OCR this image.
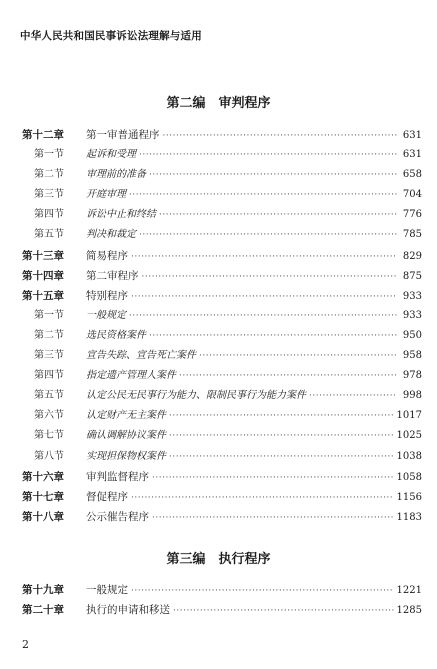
中华人民共和国民事诉讼法理解与适用
第二编　审判程序
第十二章 第一审普通程序 ·····	631
第一节 起诉和受理 ·····	631
第二节 审理前的准备 ·····	658
第三节 开庭审理 ·····	704
第四节 诉讼中止和终结 ·····	776
第五节 判决和裁定 ·····	785
第十三章 简易程序 ·····	829
第十四章 第二审程序 ·····	875
第十五章 特别程序 ·····	933
第一节 一般规定 ·····	933
第二节 选民资格案件 ·····	950
第三节 宣告失踪、宣告死亡案件 ·····	958
第四节 指定遗产管理人案件 ·····	978
第五节 认定公民无民事行为能力、限制民事行为能力案件 ·····	998
第六节 认定财产无主案件 ·····	1017
第七节 确认调解协议案件 ·····	1025
第八节 实现担保物权案件 ·····	1038
第十六章 审判监督程序 ·····	1058
第十七章 督促程序 ·····	1156
第十八章 公示催告程序 ·····	1183
第三编　执行程序
第十九章 一般规定 ·····	1221
第二十章 执行的申请和移送 ·····	1285
2
